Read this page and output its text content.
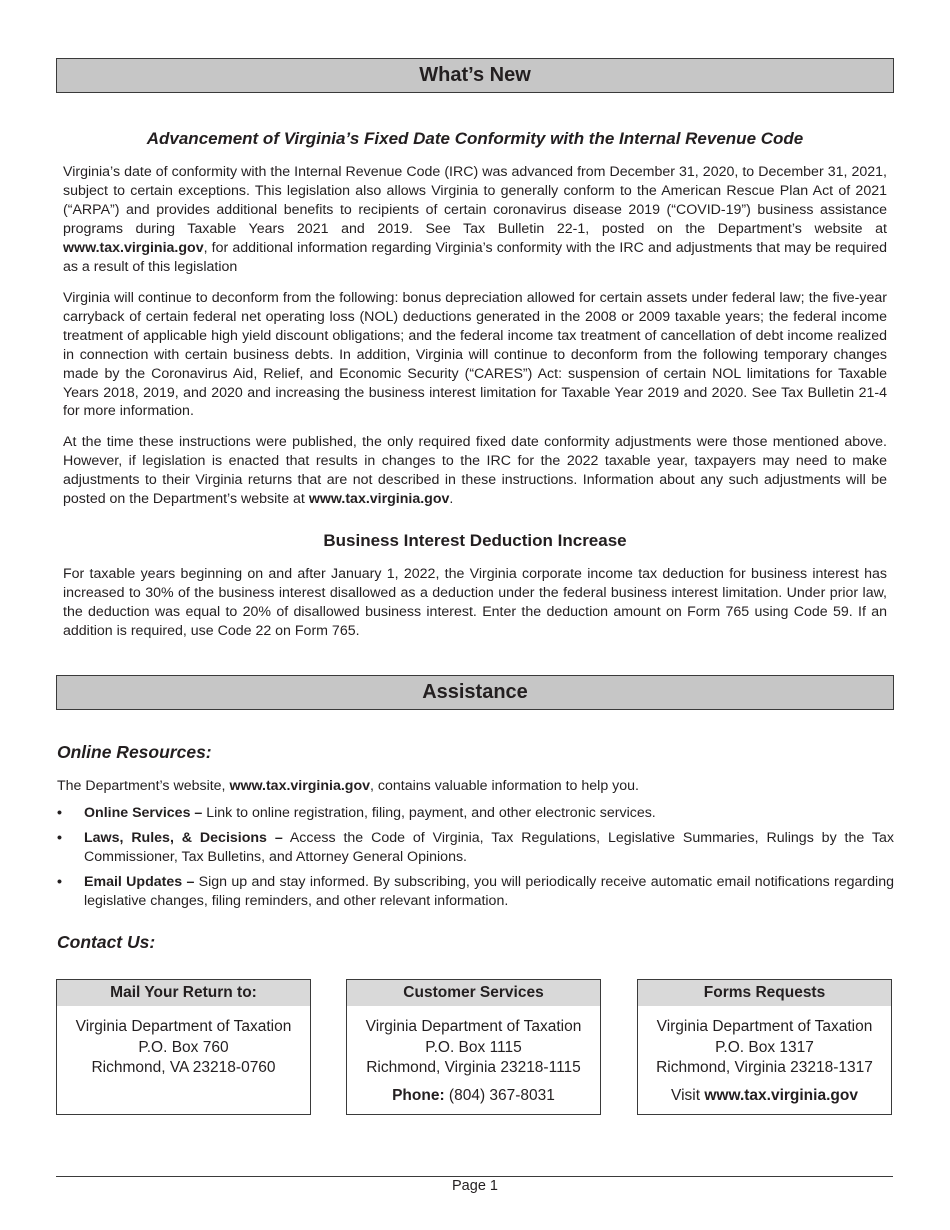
What’s New
Advancement of Virginia’s Fixed Date Conformity with the Internal Revenue Code

Virginia’s date of conformity with the Internal Revenue Code (IRC) was advanced from December 31, 2020, to December 31, 2021, subject to certain exceptions. This legislation also allows Virginia to generally conform to the American Rescue Plan Act of 2021 (“ARPA”) and provides additional benefits to recipients of certain coronavirus disease 2019 (“COVID-19”) business assistance programs during Taxable Years 2021 and 2019. See Tax Bulletin 22-1, posted on the Department’s website at www.tax.virginia.gov, for additional information regarding Virginia’s conformity with the IRC and adjustments that may be required as a result of this legislation

Virginia will continue to deconform from the following: bonus depreciation allowed for certain assets under federal law; the five-year carryback of certain federal net operating loss (NOL) deductions generated in the 2008 or 2009 taxable years; the federal income treatment of applicable high yield discount obligations; and the federal income tax treatment of cancellation of debt income realized in connection with certain business debts. In addition, Virginia will continue to deconform from the following temporary changes made by the Coronavirus Aid, Relief, and Economic Security (“CARES”) Act: suspension of certain NOL limitations for Taxable Years 2018, 2019, and 2020 and increasing the business interest limitation for Taxable Year 2019 and 2020. See Tax Bulletin 21-4 for more information.

At the time these instructions were published, the only required fixed date conformity adjustments were those mentioned above. However, if legislation is enacted that results in changes to the IRC for the 2022 taxable year, taxpayers may need to make adjustments to their Virginia returns that are not described in these instructions. Information about any such adjustments will be posted on the Department’s website at www.tax.virginia.gov.

Business Interest Deduction Increase

For taxable years beginning on and after January 1, 2022, the Virginia corporate income tax deduction for business interest has increased to 30% of the business interest disallowed as a deduction under the federal business interest limitation. Under prior law, the deduction was equal to 20% of disallowed business interest. Enter the deduction amount on Form 765 using Code 59. If an addition is required, use Code 22 on Form 765.

Assistance
Online Resources:
The Department’s website, www.tax.virginia.gov, contains valuable information to help you.
• Online Services – Link to online registration, filing, payment, and other electronic services.
• Laws, Rules, & Decisions – Access the Code of Virginia, Tax Regulations, Legislative Summaries, Rulings by the Tax Commissioner, Tax Bulletins, and Attorney General Opinions.
• Email Updates – Sign up and stay informed. By subscribing, you will periodically receive automatic email notifications regarding legislative changes, filing reminders, and other relevant information.
Contact Us:
Mail Your Return to:
Virginia Department of Taxation
P.O. Box 760
Richmond, VA 23218-0760
Customer Services
Virginia Department of Taxation
P.O. Box 1115
Richmond, Virginia 23218-1115
Phone: (804) 367-8031
Forms Requests
Virginia Department of Taxation
P.O. Box 1317
Richmond, Virginia 23218-1317
Visit www.tax.virginia.gov
Page 1
